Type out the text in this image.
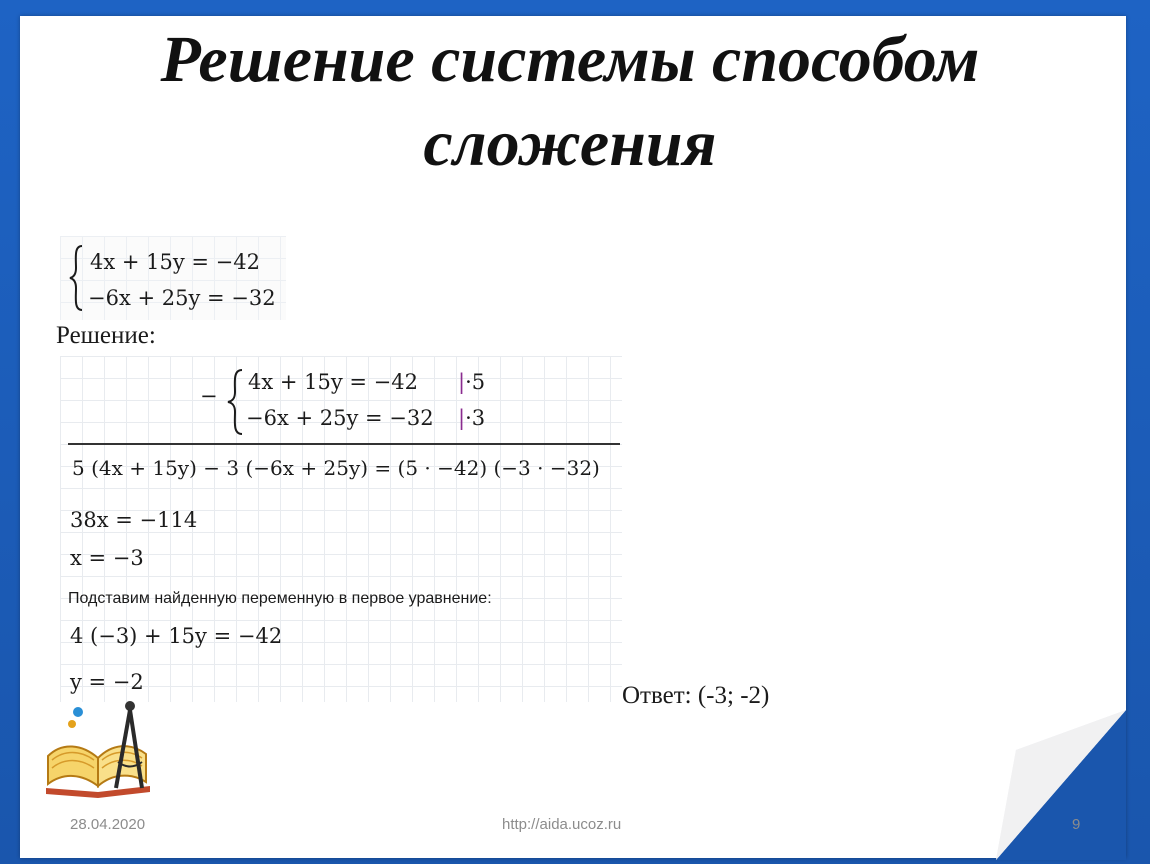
Решение системы способом сложения
4x + 15y = −42
−6x + 25y = −32
Решение:
−
4x + 15y = −42 |·5
−6x + 25y = −32 |·3
5 (4x + 15y) − 3 (−6x + 25y) = (5 · −42) (−3 · −32)
38x = −114
x = −3
Подставим найденную переменную в первое уравнение:
4 (−3) + 15y = −42
y = −2	Ответ: (-3; -2)
28.04.2020	http://aida.ucoz.ru	9
